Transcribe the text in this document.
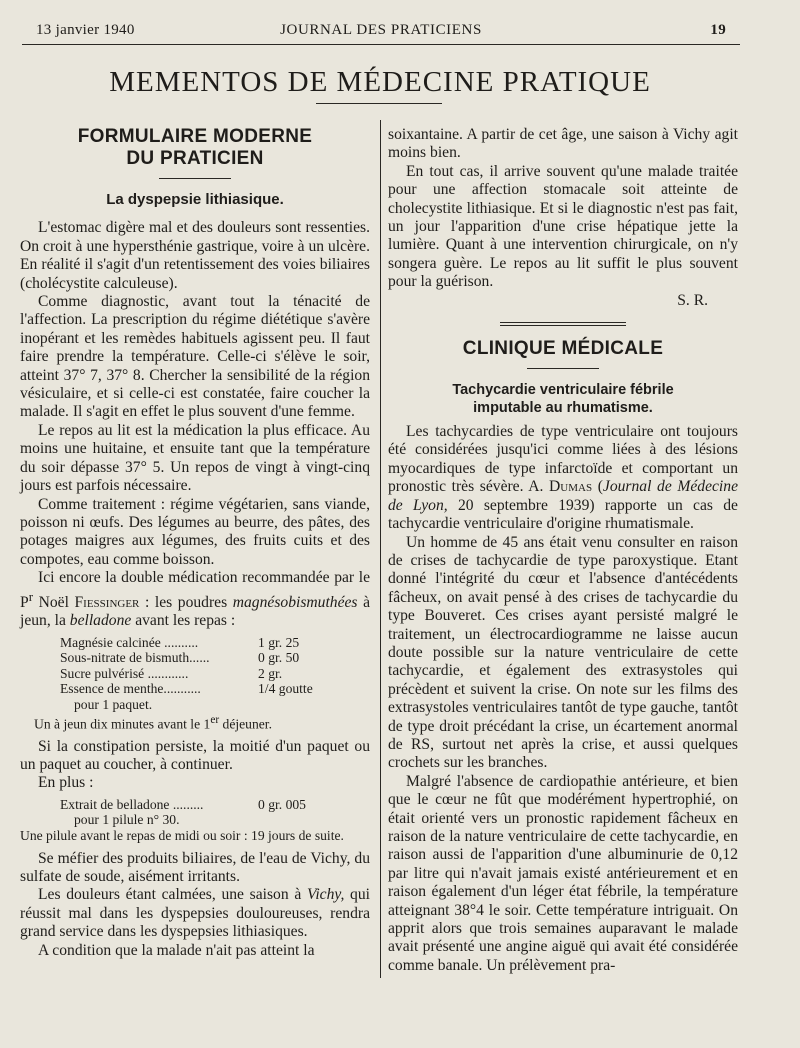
13 janvier 1940	JOURNAL DES PRATICIENS	19
MEMENTOS DE MÉDECINE PRATIQUE
FORMULAIRE MODERNE
DU PRATICIEN
La dyspepsie lithiasique.

L'estomac digère mal et des douleurs sont ressenties. On croit à une hypersthénie gastrique, voire à un ulcère. En réalité il s'agit d'un retentissement des voies biliaires (cholécystite calculeuse).

Comme diagnostic, avant tout la ténacité de l'affection. La prescription du régime diététique s'avère inopérant et les remèdes habituels agissent peu. Il faut faire prendre la température. Celle-ci s'élève le soir, atteint 37° 7, 37° 8. Chercher la sensibilité de la région vésiculaire, et si celle-ci est constatée, faire coucher la malade. Il s'agit en effet le plus souvent d'une femme.

Le repos au lit est la médication la plus efficace. Au moins une huitaine, et ensuite tant que la température du soir dépasse 37° 5. Un repos de vingt à vingt-cinq jours est parfois nécessaire.

Comme traitement : régime végétarien, sans viande, poisson ni œufs. Des légumes au beurre, des pâtes, des potages maigres aux légumes, des fruits cuits et des compotes, eau comme boisson.

Ici encore la double médication recommandée par le $P^r$ Noël Fiessinger : les poudres magnésobismuthées à jeun, la belladone avant les repas :

Magnésie calcinée ..........	1 gr. 25
Sous-nitrate de bismuth......	0 gr. 50
Sucre pulvérisé ............	2 gr.
Essence de menthe...........	1/4 goutte
pour 1 paquet.
Un à jeun dix minutes avant le 1er déjeuner.

Si la constipation persiste, la moitié d'un paquet ou un paquet au coucher, à continuer.

En plus :

Extrait de belladone .........	0 gr. 005
pour 1 pilule n° 30.
Une pilule avant le repas de midi ou soir : 19 jours de suite.

Se méfier des produits biliaires, de l'eau de Vichy, du sulfate de soude, aisément irritants.

Les douleurs étant calmées, une saison à Vichy, qui réussit mal dans les dyspepsies douloureuses, rendra grand service dans les dyspepsies lithiasiques.

A condition que la malade n'ait pas atteint la

soixantaine. A partir de cet âge, une saison à Vichy agit moins bien.

En tout cas, il arrive souvent qu'une malade traitée pour une affection stomacale soit atteinte de cholecystite lithiasique. Et si le diagnostic n'est pas fait, un jour l'apparition d'une crise hépatique jette la lumière. Quant à une intervention chirurgicale, on n'y songera guère. Le repos au lit suffit le plus souvent pour la guérison.

S. R.
CLINIQUE MÉDICALE
Tachycardie ventriculaire fébrile
imputable au rhumatisme.

Les tachycardies de type ventriculaire ont toujours été considérées jusqu'ici comme liées à des lésions myocardiques de type infarctoïde et comportant un pronostic très sévère. A. Dumas (Journal de Médecine de Lyon, 20 septembre 1939) rapporte un cas de tachycardie ventriculaire d'origine rhumatismale.

Un homme de 45 ans était venu consulter en raison de crises de tachycardie de type paroxystique. Etant donné l'intégrité du cœur et l'absence d'antécédents fâcheux, on avait pensé à des crises de tachycardie du type Bouveret. Ces crises ayant persisté malgré le traitement, un électrocardiogramme ne laisse aucun doute possible sur la nature ventriculaire de cette tachycardie, et également des extrasystoles qui précèdent et suivent la crise. On note sur les films des extrasystoles ventriculaires tantôt de type gauche, tantôt de type droit précédant la crise, un écartement anormal de RS, surtout net après la crise, et aussi quelques crochets sur les branches.

Malgré l'absence de cardiopathie antérieure, et bien que le cœur ne fût que modérément hypertrophié, on était orienté vers un pronostic rapidement fâcheux en raison de la nature ventriculaire de cette tachycardie, en raison aussi de l'apparition d'une albuminurie de 0,12 par litre qui n'avait jamais existé antérieurement et en raison également d'un léger état fébrile, la température atteignant 38°4 le soir. Cette température intriguait. On apprit alors que trois semaines auparavant le malade avait présenté une angine aiguë qui avait été considérée comme banale. Un prélèvement pra-
